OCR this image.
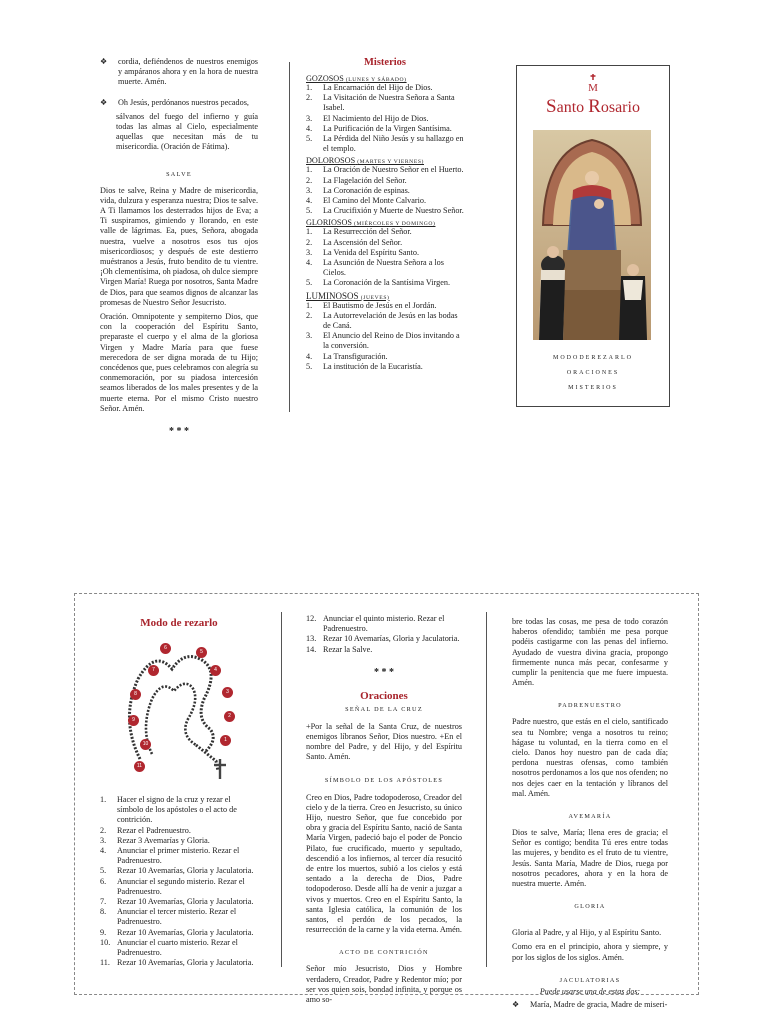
❖	cordia, defiéndenos de nuestros enemigos y ampáranos ahora y en la hora de nuestra muerte. Amén.
❖	Oh Jesús, perdónanos nuestros pecados,
sálvanos del fuego del infierno y guía todas las almas al Cielo, especialmente aquellas que necesitan más de tu misericordia. (Oración de Fátima).
SALVE
Dios te salve, Reina y Madre de misericordia, vida, dulzura y esperanza nuestra; Dios te salve. A Ti llamamos los desterrados hijos de Eva; a Ti suspiramos, gimiendo y llorando, en este valle de lágrimas. Ea, pues, Señora, abogada nuestra, vuelve a nosotros esos tus ojos misericordiosos; y después de este destierro muéstranos a Jesús, fruto bendito de tu vientre. ¡Oh clementísima, oh piadosa, oh dulce siempre Virgen María! Ruega por nosotros, Santa Madre de Dios, para que seamos dignos de alcanzar las promesas de Nuestro Señor Jesucristo.
Oración. Omnipotente y sempiterno Dios, que con la cooperación del Espíritu Santo, preparaste el cuerpo y el alma de la gloriosa Virgen y Madre María para que fuese merecedora de ser digna morada de tu Hijo; concédenos que, pues celebramos con alegría su conmemoración, por su piadosa intercesión seamos liberados de los males presentes y de la muerte eterna. Por el mismo Cristo nuestro Señor. Amén.
* * *
Misterios
GOZOSOS (LUNES Y SÁBADO)
1.	La Encarnación del Hijo de Dios.
2.	La Visitación de Nuestra Señora a Santa Isabel.
3.	El Nacimiento del Hijo de Dios.
4.	La Purificación de la Virgen Santísima.
5.	La Pérdida del Niño Jesús y su hallazgo en el templo.
DOLOROSOS (MARTES Y VIERNES)
1.	La Oración de Nuestro Señor en el Huerto.
2.	La Flagelación del Señor.
3.	La Coronación de espinas.
4.	El Camino del Monte Calvario.
5.	La Crucifixión y Muerte de Nuestro Señor.
GLORIOSOS (MIÉRCOLES Y DOMINGO)
1.	La Resurrección del Señor.
2.	La Ascensión del Señor.
3.	La Venida del Espíritu Santo.
4.	La Asunción de Nuestra Señora a los Cielos.
5.	La Coronación de la Santísima Virgen.
LUMINOSOS (JUEVES)
1.	El Bautismo de Jesús en el Jordán.
2.	La Autorrevelación de Jesús en las bodas de Caná.
3.	El Anuncio del Reino de Dios invitando a la conversión.
4.	La Transfiguración.
5.	La institución de la Eucaristía.
M
Santo Rosario
MODODEREZARLO
ORACIONES
MISTERIOS
Modo de rezarlo
6
5
7	4
8	3
9
2
10
1
11
1.	Hacer el signo de la cruz y rezar el símbolo de los apóstoles o el acto de contrición.
2.	Rezar el Padrenuestro.
3.	Rezar 3 Avemarías y Gloria.
4.	Anunciar el primer misterio. Rezar el Padrenuestro.
5.	Rezar 10 Avemarías, Gloria y Jaculatoria.
6.	Anunciar el segundo misterio. Rezar el Padrenuestro.
7.	Rezar 10 Avemarías, Gloria y Jaculatoria.
8.	Anunciar el tercer misterio. Rezar el Padrenuestro.
9.	Rezar 10 Avemarías, Gloria y Jaculatoria.
10. Anunciar el cuarto misterio. Rezar el Padrenuestro.
11. Rezar 10 Avemarías, Gloria y Jaculatoria.
12. Anunciar el quinto misterio. Rezar el Padrenuestro.
13. Rezar 10 Avemarías, Gloria y Jaculatoria.
14. Rezar la Salve.
* * *
Oraciones
SEÑAL DE LA CRUZ
+Por la señal de la Santa Cruz, de nuestros enemigos líbranos Señor, Dios nuestro. +En el nombre del Padre, y del Hijo, y del Espíritu Santo. Amén.
SÍMBOLO DE LOS APÓSTOLES
Creo en Dios, Padre todopoderoso, Creador del cielo y de la tierra. Creo en Jesucristo, su único Hijo, nuestro Señor, que fue concebido por obra y gracia del Espíritu Santo, nació de Santa María Virgen, padeció bajo el poder de Poncio Pilato, fue crucificado, muerto y sepultado, descendió a los infiernos, al tercer día resucitó de entre los muertos, subió a los cielos y está sentado a la derecha de Dios, Padre todopoderoso. Desde allí ha de venir a juzgar a vivos y muertos. Creo en el Espíritu Santo, la santa Iglesia católica, la comunión de los santos, el perdón de los pecados, la resurrección de la carne y la vida eterna. Amén.
ACTO DE CONTRICIÓN
Señor mío Jesucristo, Dios y Hombre verdadero, Creador, Padre y Redentor mío; por ser vos quien sois, bondad infinita, y porque os amo so-
bre todas las cosas, me pesa de todo corazón haberos ofendido; también me pesa porque podéis castigarme con las penas del infierno. Ayudado de vuestra divina gracia, propongo firmemente nunca más pecar, confesarme y cumplir la penitencia que me fuere impuesta. Amén.
PADRENUESTRO
Padre nuestro, que estás en el cielo, santificado sea tu Nombre; venga a nosotros tu reino; hágase tu voluntad, en la tierra como en el cielo. Danos hoy nuestro pan de cada día; perdona nuestras ofensas, como también nosotros perdonamos a los que nos ofenden; no nos dejes caer en la tentación y líbranos del mal. Amén.
AVEMARÍA
Dios te salve, María; llena eres de gracia; el Señor es contigo; bendita Tú eres entre todas las mujeres, y bendito es el fruto de tu vientre, Jesús. Santa María, Madre de Dios, ruega por nosotros pecadores, ahora y en la hora de nuestra muerte. Amén.
GLORIA
Gloria al Padre, y al Hijo, y al Espíritu Santo.
Como era en el principio, ahora y siempre, y por los siglos de los siglos. Amén.
JACULATORIAS
Puede usarse una de estas dos:
❖	María, Madre de gracia, Madre de miseri-
